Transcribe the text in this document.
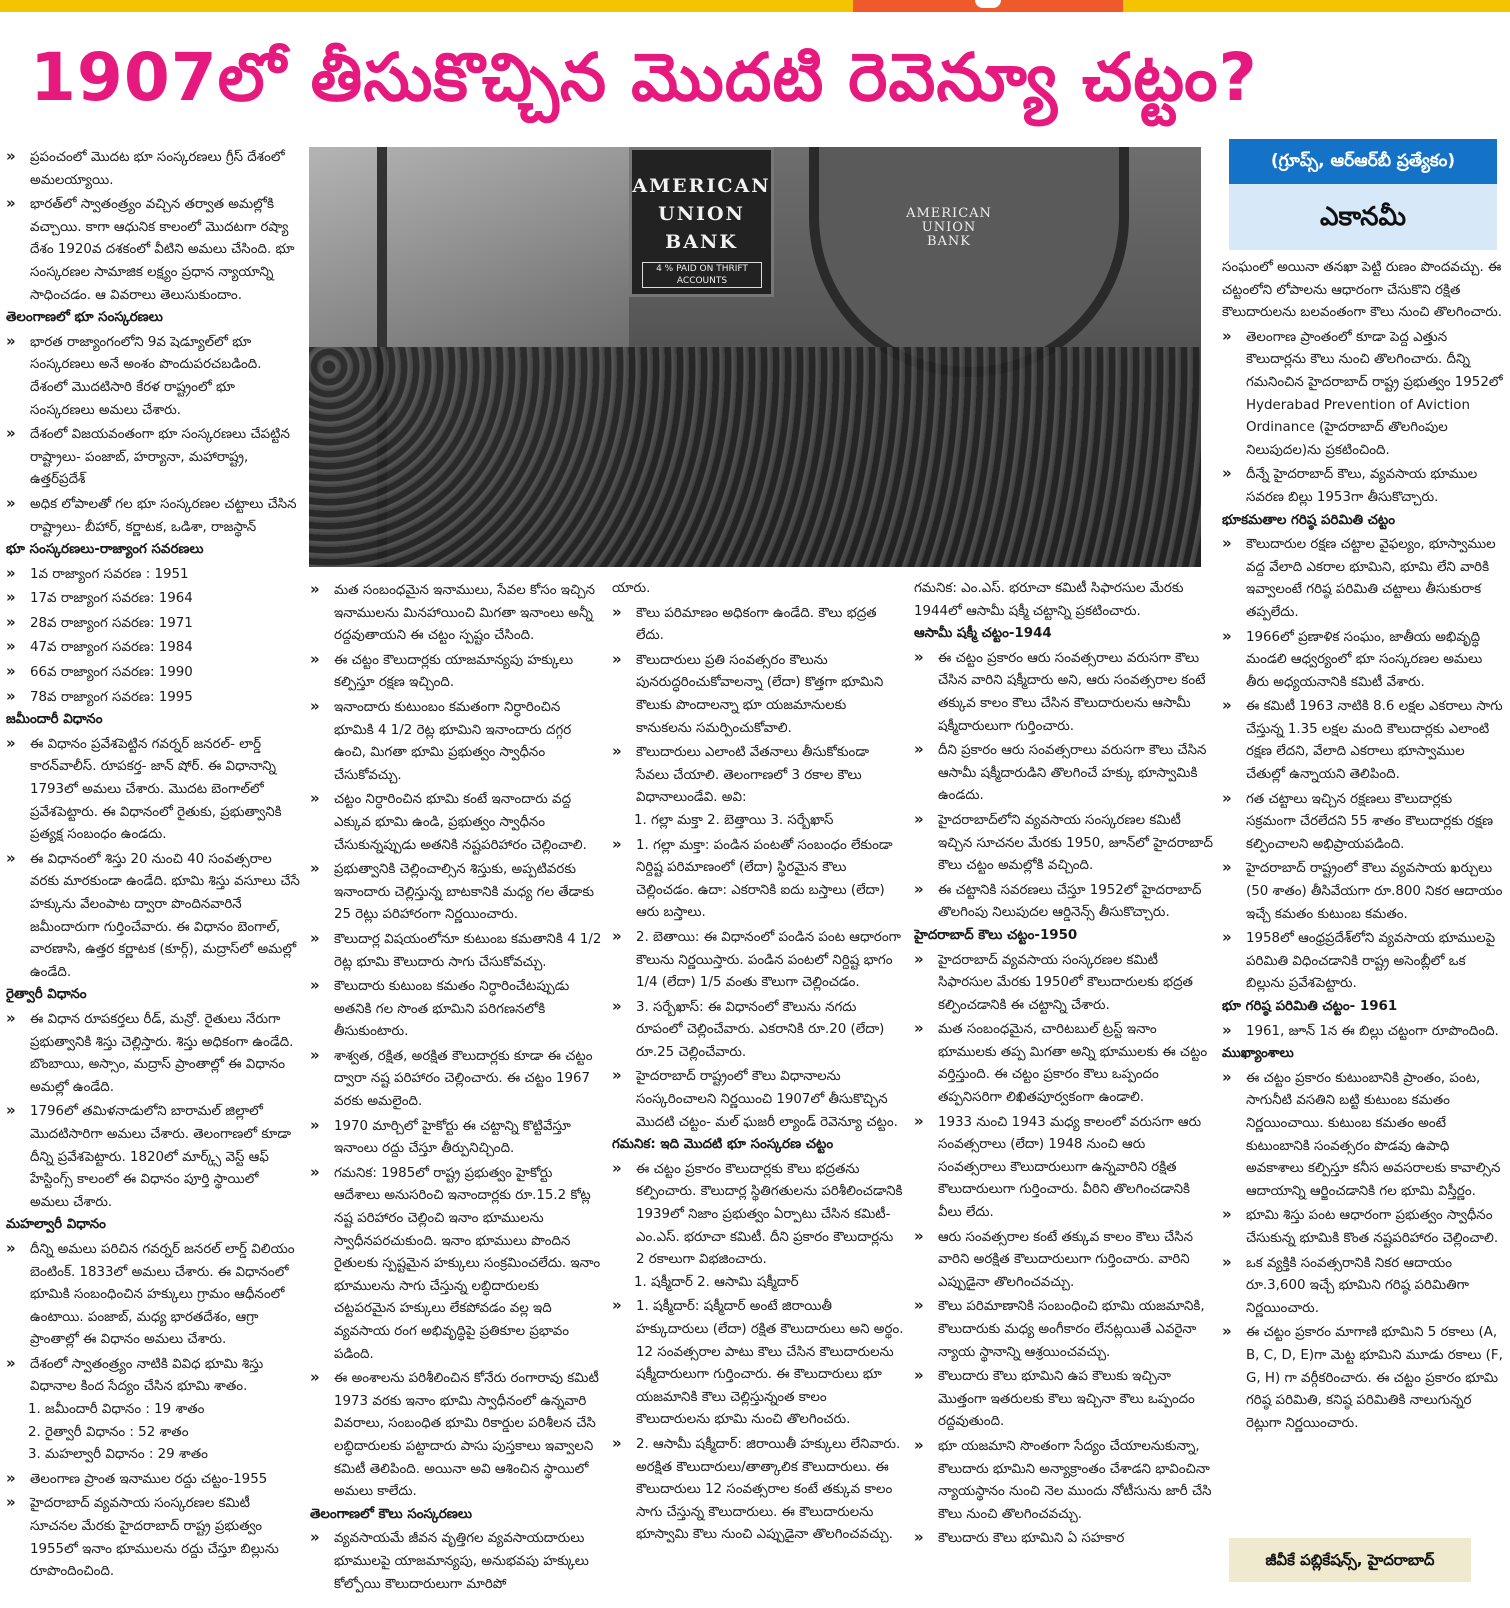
1907లో తీసుకొచ్చిన మొదటి రెవెన్యూ చట్టం?
» ప్రపంచంలో మొదట భూ సంస్కరణలు గ్రీస్ దేశంలో అమలయ్యాయి.
» భారత్‌లో స్వాతంత్ర్యం వచ్చిన తర్వాత అమల్లోకి వచ్చాయి. కాగా ఆధునిక కాలంలో మొదటగా రష్యా దేశం 1920వ దశకంలో వీటిని అమలు చేసింది. భూ సంస్కరణల సామాజిక లక్ష్యం ప్రధాన న్యాయాన్ని సాధించడం. ఆ వివరాలు తెలుసుకుందాం.
తెలంగాణలో భూ సంస్కరణలు
» భారత రాజ్యాంగంలోని 9వ షెడ్యూల్‌లో భూ సంస్కరణలు అనే అంశం పొందుపరచబడింది. దేశంలో మొదటిసారి కేరళ రాష్ట్రంలో భూ సంస్కరణలు అమలు చేశారు.
» దేశంలో విజయవంతంగా భూ సంస్కరణలు చేపట్టిన రాష్ట్రాలు- పంజాబ్, హర్యానా, మహారాష్ట్ర, ఉత్తర్‌ప్రదేశ్
» అధిక లోపాలతో గల భూ సంస్కరణల చట్టాలు చేసిన రాష్ట్రాలు- బీహార్, కర్ణాటక, ఒడిశా, రాజస్థాన్
భూ సంస్కరణలు-రాజ్యాంగ సవరణలు
» 1వ రాజ్యాంగ సవరణ : 1951
» 17వ రాజ్యాంగ సవరణ: 1964
» 28వ రాజ్యాంగ సవరణ: 1971
» 47వ రాజ్యాంగ సవరణ: 1984
» 66వ రాజ్యాంగ సవరణ: 1990
» 78వ రాజ్యాంగ సవరణ: 1995
జమీందారీ విధానం
» ఈ విధానం ప్రవేశపెట్టిన గవర్నర్ జనరల్- లార్డ్ కారన్‌వాలీస్. రూపకర్త- జాన్ షోర్. ఈ విధానాన్ని 1793లో అమలు చేశారు. మొదట బెంగాల్‌లో ప్రవేశపెట్టారు. ఈ విధానంలో రైతుకు, ప్రభుత్వానికి ప్రత్యక్ష సంబంధం ఉండదు.
» ఈ విధానంలో శిస్తు 20 నుంచి 40 సంవత్సరాల వరకు మారకుండా ఉండేది. భూమి శిస్తు వసూలు చేసే హక్కును వేలంపాట ద్వారా పొందినవారినే జమీందారుగా గుర్తించేవారు. ఈ విధానం బెంగాల్, వారణాసి, ఉత్తర కర్ణాటక (కూర్గ్), మద్రాస్‌లో అమల్లో ఉండేది.
రైత్వారీ విధానం
» ఈ విధాన రూపకర్తలు రీడ్, మన్రో. రైతులు నేరుగా ప్రభుత్వానికి శిస్తు చెల్లిస్తారు. శిస్తు అధికంగా ఉండేది. బొంబాయి, అస్సాం, మద్రాస్ ప్రాంతాల్లో ఈ విధానం అమల్లో ఉండేది.
» 1796లో తమిళనాడులోని బారామల్ జిల్లాలో మొదటిసారిగా అమలు చేశారు. తెలంగాణలో కూడా దీన్ని ప్రవేశపెట్టారు. 1820లో మార్క్స్ వెస్ట్ ఆఫ్ హేస్టింగ్స్ కాలంలో ఈ విధానం పూర్తి స్థాయిలో అమలు చేశారు.
మహల్వారీ విధానం
» దీన్ని అమలు పరిచిన గవర్నర్ జనరల్ లార్డ్ విలియం బెంటింక్. 1833లో అమలు చేశారు. ఈ విధానంలో భూమికి సంబంధించిన హక్కులు గ్రామం ఆధీనంలో ఉంటాయి. పంజాబ్, మధ్య భారతదేశం, ఆగ్రా ప్రాంతాల్లో ఈ విధానం అమలు చేశారు.
» దేశంలో స్వాతంత్ర్యం నాటికి వివిధ భూమి శిస్తు విధానాల కింద సేద్యం చేసిన భూమి శాతం.
1. జమీందారీ విధానం : 19 శాతం
2. రైత్వారీ విధానం : 52 శాతం
3. మహల్వారీ విధానం : 29 శాతం
» తెలంగాణ ప్రాంత ఇనాముల రద్దు చట్టం-1955
» హైదరాబాద్ వ్యవసాయ సంస్కరణల కమిటీ సూచనల మేరకు హైదరాబాద్ రాష్ట్ర ప్రభుత్వం 1955లో ఇనాం భూములను రద్దు చేస్తూ బిల్లును రూపొందించింది.
AMERICAN
UNION
BANK
4 % PAID ON THRIFT ACCOUNTS
AMERICAN
UNION
BANK
» మత సంబంధమైన ఇనాములు, సేవల కోసం ఇచ్చిన ఇనాములను మినహాయించి మిగతా ఇనాంలు అన్నీ రద్దవుతాయని ఈ చట్టం స్పష్టం చేసింది.
» ఈ చట్టం కౌలుదార్లకు యాజమాన్యపు హక్కులు కల్పిస్తూ రక్షణ ఇచ్చింది.
» ఇనాందారు కుటుంబం కమతంగా నిర్ధారించిన భూమికి 4 1/2 రెట్ల భూమిని ఇనాందారు దగ్గర ఉంచి, మిగతా భూమి ప్రభుత్వం స్వాధీనం చేసుకోవచ్చు.
» చట్టం నిర్ధారించిన భూమి కంటే ఇనాందారు వద్ద ఎక్కువ భూమి ఉండి, ప్రభుత్వం స్వాధీనం చేసుకున్నప్పుడు అతనికి నష్టపరిహారం చెల్లించాలి.
» ప్రభుత్వానికి చెల్లించాల్సిన శిస్తుకు, అప్పటివరకు ఇనాందారు చెల్లిస్తున్న బాటకానికి మధ్య గల తేడాకు 25 రెట్లు పరిహారంగా నిర్ణయించారు.
» కౌలుదార్ల విషయంలోనూ కుటుంబ కమతానికి 4 1/2 రెట్ల భూమి కౌలుదారు సాగు చేసుకోవచ్చు.
» కౌలుదారు కుటుంబ కమతం నిర్ధారించేటప్పుడు అతనికి గల సొంత భూమిని పరిగణనలోకి తీసుకుంటారు.
» శాశ్వత, రక్షిత, అరక్షిత కౌలుదార్లకు కూడా ఈ చట్టం ద్వారా నష్ట పరిహారం చెల్లించారు. ఈ చట్టం 1967 వరకు అమలైంది.
» 1970 మార్చిలో హైకోర్టు ఈ చట్టాన్ని కొట్టివేస్తూ ఇనాంలు రద్దు చేస్తూ తీర్పునిచ్చింది.
» గమనిక: 1985లో రాష్ట్ర ప్రభుత్వం హైకోర్టు ఆదేశాలు అనుసరించి ఇనాందార్లకు రూ.15.2 కోట్ల నష్ట పరిహారం చెల్లించి ఇనాం భూములను స్వాధీనపరచుకుంది. ఇనాం భూములు పొందిన రైతులకు స్పష్టమైన హక్కులు సంక్రమించలేదు. ఇనాం భూములను సాగు చేస్తున్న లబ్ధిదారులకు చట్టపరమైన హక్కులు లేకపోవడం వల్ల ఇది వ్యవసాయ రంగ అభివృద్ధిపై ప్రతికూల ప్రభావం పడింది.
» ఈ అంశాలను పరిశీలించిన కోనేరు రంగారావు కమిటీ 1973 వరకు ఇనాం భూమి స్వాధీనంలో ఉన్నవారి వివరాలు, సంబంధిత భూమి రికార్డుల పరిశీలన చేసి లబ్ధిదారులకు పట్టాదారు పాసు పుస్తకాలు ఇవ్వాలని కమిటీ తెలిపింది. అయినా అవి ఆశించిన స్థాయిలో అమలు కాలేదు.
తెలంగాణలో కౌలు సంస్కరణలు
» వ్యవసాయమే జీవన వృత్తిగల వ్యవసాయదారులు భూములపై యాజమాన్యపు, అనుభవపు హక్కులు కోల్పోయి కౌలుదారులుగా మారిపో
యారు.
» కౌలు పరిమాణం అధికంగా ఉండేది. కౌలు భద్రత లేదు.
» కౌలుదారులు ప్రతి సంవత్సరం కౌలును పునరుద్ధరించుకోవాలన్నా (లేదా) కొత్తగా భూమిని కౌలుకు పొందాలన్నా భూ యజమానులకు కానుకలను సమర్పించుకోవాలి.
» కౌలుదారులు ఎలాంటి వేతనాలు తీసుకోకుండా సేవలు చేయాలి. తెలంగాణలో 3 రకాల కౌలు విధానాలుండేవి. అవి:
1. గల్లా మక్తా 2. బెత్తాయి 3. సర్బేఖాస్
» 1. గల్లా మక్తా: పండిన పంటతో సంబంధం లేకుండా నిర్దిష్ట పరిమాణంలో (లేదా) స్థిరమైన కౌలు చెల్లించడం. ఉదా: ఎకరానికి ఐదు బస్తాలు (లేదా) ఆరు బస్తాలు.
» 2. బెతాయి: ఈ విధానంలో పండిన పంట ఆధారంగా కౌలును నిర్ణయిస్తారు. పండిన పంటలో నిర్దిష్ట భాగం 1/4 (లేదా) 1/5 వంతు కౌలుగా చెల్లించడం.
» 3. సర్బేఖాస్: ఈ విధానంలో కౌలును నగదు రూపంలో చెల్లించేవారు. ఎకరానికి రూ.20 (లేదా) రూ.25 చెల్లించేవారు.
» హైదరాబాద్ రాష్ట్రంలో కౌలు విధానాలను సంస్కరించాలని నిర్ణయించి 1907లో తీసుకొచ్చిన మొదటి చట్టం- మల్ ఘజరీ ల్యాండ్ రెవెన్యూ చట్టం.
గమనిక: ఇది మొదటి భూ సంస్కరణ చట్టం
» ఈ చట్టం ప్రకారం కౌలుదార్లకు కౌలు భద్రతను కల్పించారు. కౌలుదార్ల స్థితిగతులను పరిశీలించడానికి 1939లో నిజాం ప్రభుత్వం ఏర్పాటు చేసిన కమిటీ- ఎం.ఎస్. భరూచా కమిటీ. దీని ప్రకారం కౌలుదార్లను 2 రకాలుగా విభజించారు.
1. షక్మీదార్ 2. ఆసామి షక్మీదార్
» 1. షక్మీదార్: షక్మీదార్ అంటే జిరాయితీ హక్కుదారులు (లేదా) రక్షిత కౌలుదారులు అని అర్థం. 12 సంవత్సరాల పాటు కౌలు చేసిన కౌలుదారులను షక్మీదారులుగా గుర్తించారు. ఈ కౌలుదారులు భూ యజమానికి కౌలు చెల్లిస్తున్నంత కాలం కౌలుదారులను భూమి నుంచి తొలగించరు.
» 2. ఆసామీ షక్మీదార్: జిరాయితీ హక్కులు లేనివారు. అరక్షిత కౌలుదారులు/తాత్కాలిక కౌలుదారులు. ఈ కౌలుదారులు 12 సంవత్సరాల కంటే తక్కువ కాలం సాగు చేస్తున్న కౌలుదారులు. ఈ కౌలుదారులను భూస్వామి కౌలు నుంచి ఎప్పుడైనా తొలగించవచ్చు.
గమనిక: ఎం.ఎస్. భరూచా కమిటీ సిఫారసుల మేరకు 1944లో ఆసామీ షక్మీ చట్టాన్ని ప్రకటించారు.
ఆసామీ షక్మీ చట్టం-1944
» ఈ చట్టం ప్రకారం ఆరు సంవత్సరాలు వరుసగా కౌలు చేసిన వారిని షక్మీదారు అని, ఆరు సంవత్సరాల కంటే తక్కువ కాలం కౌలు చేసిన కౌలుదారులను ఆసామీ షక్మీదారులుగా గుర్తించారు.
» దీని ప్రకారం ఆరు సంవత్సరాలు వరుసగా కౌలు చేసిన ఆసామీ షక్మీదారుడిని తొలగించే హక్కు భూస్వామికి ఉండదు.
» హైదరాబాద్‌లోని వ్యవసాయ సంస్కరణల కమిటీ ఇచ్చిన సూచనల మేరకు 1950, జూన్‌లో హైదరాబాద్ కౌలు చట్టం అమల్లోకి వచ్చింది.
» ఈ చట్టానికి సవరణలు చేస్తూ 1952లో హైదరాబాద్ తొలగింపు నిలుపుదల ఆర్డినెన్స్ తీసుకొచ్చారు.
హైదరాబాద్ కౌలు చట్టం-1950
» హైదరాబాద్ వ్యవసాయ సంస్కరణల కమిటీ సిఫారసుల మేరకు 1950లో కౌలుదారులకు భద్రత కల్పించడానికి ఈ చట్టాన్ని చేశారు.
» మత సంబంధమైన, చారిటబుల్ ట్రస్ట్ ఇనాం భూములకు తప్ప మిగతా అన్ని భూములకు ఈ చట్టం వర్తిస్తుంది. ఈ చట్టం ప్రకారం కౌలు ఒప్పందం తప్పనిసరిగా లిఖితపూర్వకంగా ఉండాలి.
» 1933 నుంచి 1943 మధ్య కాలంలో వరుసగా ఆరు సంవత్సరాలు (లేదా) 1948 నుంచి ఆరు సంవత్సరాలు కౌలుదారులుగా ఉన్నవారిని రక్షిత కౌలుదారులుగా గుర్తించారు. వీరిని తొలగించడానికి వీలు లేదు.
» ఆరు సంవత్సరాల కంటే తక్కువ కాలం కౌలు చేసిన వారిని అరక్షిత కౌలుదారులుగా గుర్తించారు. వారిని ఎప్పుడైనా తొలగించవచ్చు.
» కౌలు పరిమాణానికి సంబంధించి భూమి యజమానికి, కౌలుదారుకు మధ్య అంగీకారం లేనట్లయితే ఎవరైనా న్యాయ స్థానాన్ని ఆశ్రయించవచ్చు.
» కౌలుదారు కౌలు భూమిని ఉప కౌలుకు ఇచ్చినా మొత్తంగా ఇతరులకు కౌలు ఇచ్చినా కౌలు ఒప్పందం రద్దవుతుంది.
» భూ యజమాని సొంతంగా సేద్యం చేయాలనుకున్నా, కౌలుదారు భూమిని అన్యాక్రాంతం చేశాడని భావించినా న్యాయస్థానం నుంచి నెల ముందు నోటీసును జారీ చేసి కౌలు నుంచి తొలగించవచ్చు.
» కౌలుదారు కౌలు భూమిని ఏ సహకార
(గ్రూప్స్, ఆర్ఆర్‌బీ ప్రత్యేకం)
ఎకానమీ
సంఘంలో అయినా తనఖా పెట్టి రుణం పొందవచ్చు. ఈ చట్టంలోని లోపాలను ఆధారంగా చేసుకొని రక్షిత కౌలుదారులను బలవంతంగా కౌలు నుంచి తొలగించారు.
» తెలంగాణ ప్రాంతంలో కూడా పెద్ద ఎత్తున కౌలుదార్లను కౌలు నుంచి తొలగించారు. దీన్ని గమనించిన హైదరాబాద్ రాష్ట్ర ప్రభుత్వం 1952లో Hyderabad Prevention of Aviction Ordinance (హైదరాబాద్ తొలగింపుల నిలుపుదల)ను ప్రకటించింది.
» దీన్నే హైదరాబాద్ కౌలు, వ్యవసాయ భూముల సవరణ బిల్లు 1953గా తీసుకొచ్చారు.
భూకమతాల గరిష్ఠ పరిమితి చట్టం
» కౌలుదారుల రక్షణ చట్టాల వైఫల్యం, భూస్వాముల వద్ద వేలాది ఎకరాల భూమిని, భూమి లేని వారికి ఇవ్వాలంటే గరిష్ఠ పరిమితి చట్టాలు తీసుకురాక తప్పలేదు.
» 1966లో ప్రణాళిక సంఘం, జాతీయ అభివృద్ధి మండలి ఆధ్వర్యంలో భూ సంస్కరణల అమలు తీరు అధ్యయనానికి కమిటీ వేశారు.
» ఈ కమిటీ 1963 నాటికి 8.6 లక్షల ఎకరాలు సాగు చేస్తున్న 1.35 లక్షల మంది కౌలుదార్లకు ఎలాంటి రక్షణ లేదని, వేలాది ఎకరాలు భూస్వాముల చేతుల్లో ఉన్నాయని తెలిపింది.
» గత చట్టాలు ఇచ్చిన రక్షణలు కౌలుదార్లకు సక్రమంగా చేరలేదని 55 శాతం కౌలుదార్లకు రక్షణ కల్పించాలని అభిప్రాయపడింది.
» హైదరాబాద్ రాష్ట్రంలో కౌలు వ్యవసాయ ఖర్చులు (50 శాతం) తీసివేయగా రూ.800 నికర ఆదాయం ఇచ్చే కమతం కుటుంబ కమతం.
» 1958లో ఆంధ్రప్రదేశ్‌లోని వ్యవసాయ భూములపై పరిమితి విధించడానికి రాష్ట్ర అసెంబ్లీలో ఒక బిల్లును ప్రవేశపెట్టారు.
భూ గరిష్ఠ పరిమితి చట్టం- 1961
» 1961, జూన్ 1న ఈ బిల్లు చట్టంగా రూపొందింది.
ముఖ్యాంశాలు
» ఈ చట్టం ప్రకారం కుటుంబానికి ప్రాంతం, పంట, సాగునీటి వసతిని బట్టి కుటుంబ కమతం నిర్ణయించాయి. కుటుంబ కమతం అంటే కుటుంబానికి సంవత్సరం పొడవు ఉపాధి అవకాశాలు కల్పిస్తూ కనీస అవసరాలకు కావాల్సిన ఆదాయాన్ని ఆర్జించడానికి గల భూమి విస్తీర్ణం.
» భూమి శిస్తు పంట ఆధారంగా ప్రభుత్వం స్వాధీనం చేసుకున్న భూమికి కొంత నష్టపరిహారం చెల్లించాలి.
» ఒక వ్యక్తికి సంవత్సరానికి నికర ఆదాయం రూ.3,600 ఇచ్చే భూమిని గరిష్ఠ పరిమితిగా నిర్ణయించారు.
» ఈ చట్టం ప్రకారం మాగాణి భూమిని 5 రకాలు (A, B, C, D, E)గా మెట్ట భూమిని మూడు రకాలు (F, G, H) గా వర్గీకరించారు. ఈ చట్టం ప్రకారం భూమి గరిష్ఠ పరిమితి, కనిష్ఠ పరిమితికి నాలుగున్నర రెట్లుగా నిర్ణయించారు.
జీవీకే పబ్లికేషన్స్, హైదరాబాద్
